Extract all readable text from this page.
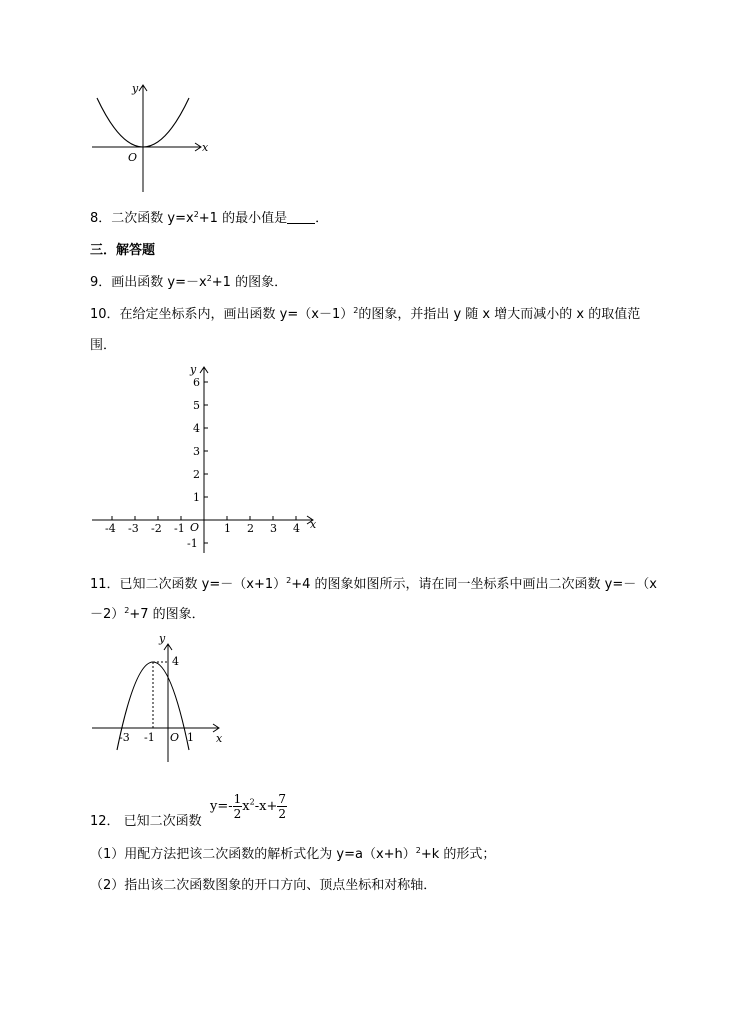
x
y
O
-4 -3 -2 -1	1 2 3 4
-1
1
2
3
4
5
6
x
y
O
x
y
O
-3 -1	1
4
8．二次函数 $y=x^2+1$ 的最小值是 ．
三．解答题
9．画出函数 $y=-x^2+1$ 的图象．
10．在给定坐标系内，画出函数 $y=(x-1)^2$的图象，并指出 y 随 x 增大而减小的 x 的取值范
围．
11．已知二次函数 $y=-(x+1)^2+4$ 的图象如图所示，请在同一坐标系中画出二次函数 y=－（x
－2）$^2$+7 的图象．
12． 已知二次函数
$y=- \frac{1}{2} x^2-x+ \frac{7}{2}$
（1）用配方法把该二次函数的解析式化为 $y=a(x+h)^2+k$ 的形式；
（2）指出该二次函数图象的开口方向、顶点坐标和对称轴．
